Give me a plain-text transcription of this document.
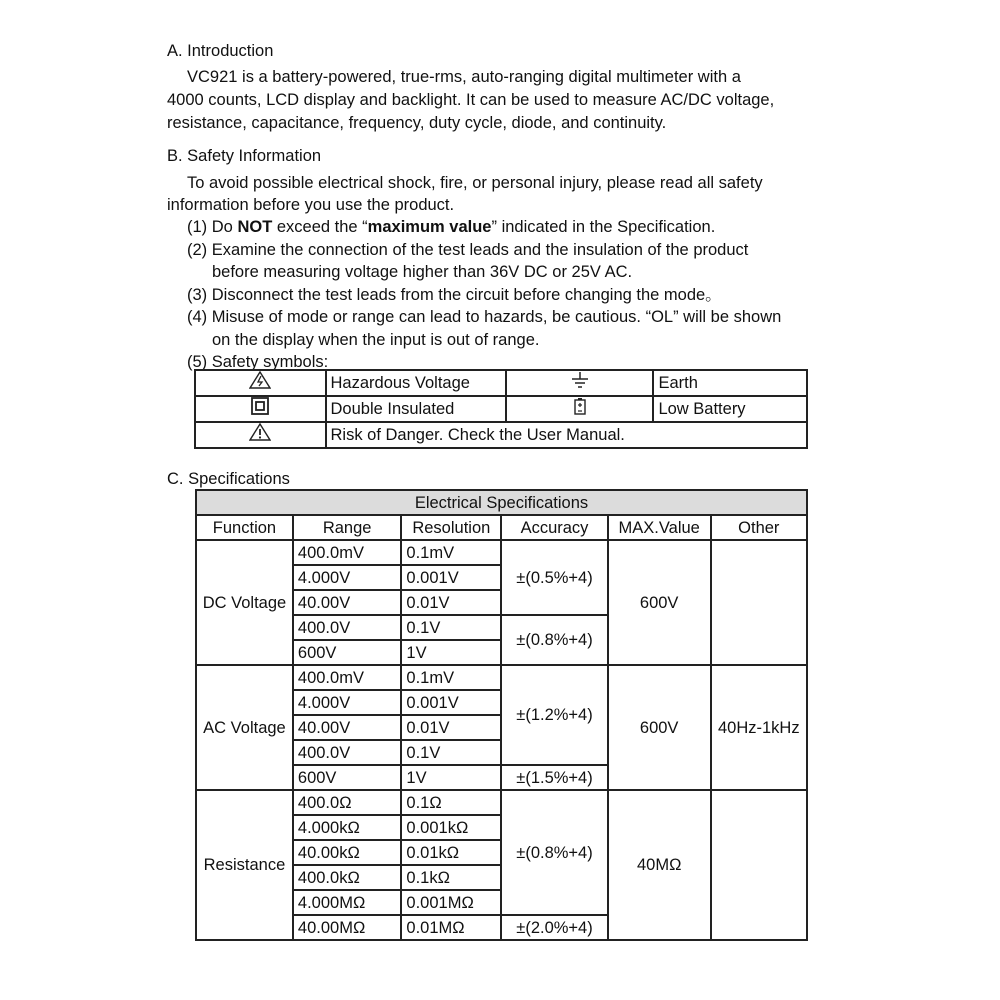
A. Introduction
VC921 is a battery-powered, true-rms, auto-ranging digital multimeter with a
4000 counts, LCD display and backlight. It can be used to measure AC/DC voltage,
resistance, capacitance, frequency, duty cycle, diode, and continuity.
B. Safety Information
To avoid possible electrical shock, fire, or personal injury, please read all safety
information before you use the product.
(1) Do NOT exceed the “maximum value” indicated in the Specification.
(2) Examine the connection of the test leads and the insulation of the product
before measuring voltage higher than 36V DC or 25V AC.
(3) Disconnect the test leads from the circuit before changing the mode。
(4) Misuse of mode or range can lead to hazards, be cautious. “OL” will be shown
on the display when the input is out of range.
(5) Safety symbols:
	Hazardous Voltage		Earth
	Double Insulated		Low Battery
	Risk of Danger. Check the User Manual.		
C. Specifications
Electrical Specifications					
Function	Range	Resolution	Accuracy	MAX.Value	Other
DC Voltage	400.0mV	0.1mV	±(0.5%+4)	600V	
	4.000V	0.001V			
	40.00V	0.01V			
	400.0V	0.1V	±(0.8%+4)		
	600V	1V			
AC Voltage	400.0mV	0.1mV	±(1.2%+4)	600V	40Hz-1kHz
	4.000V	0.001V			
	40.00V	0.01V			
	400.0V	0.1V			
	600V	1V	±(1.5%+4)		
Resistance	400.0Ω	0.1Ω	±(0.8%+4)	40MΩ	
	4.000kΩ	0.001kΩ			
	40.00kΩ	0.01kΩ			
	400.0kΩ	0.1kΩ			
	4.000MΩ	0.001MΩ			
	40.00MΩ	0.01MΩ	±(2.0%+4)		
